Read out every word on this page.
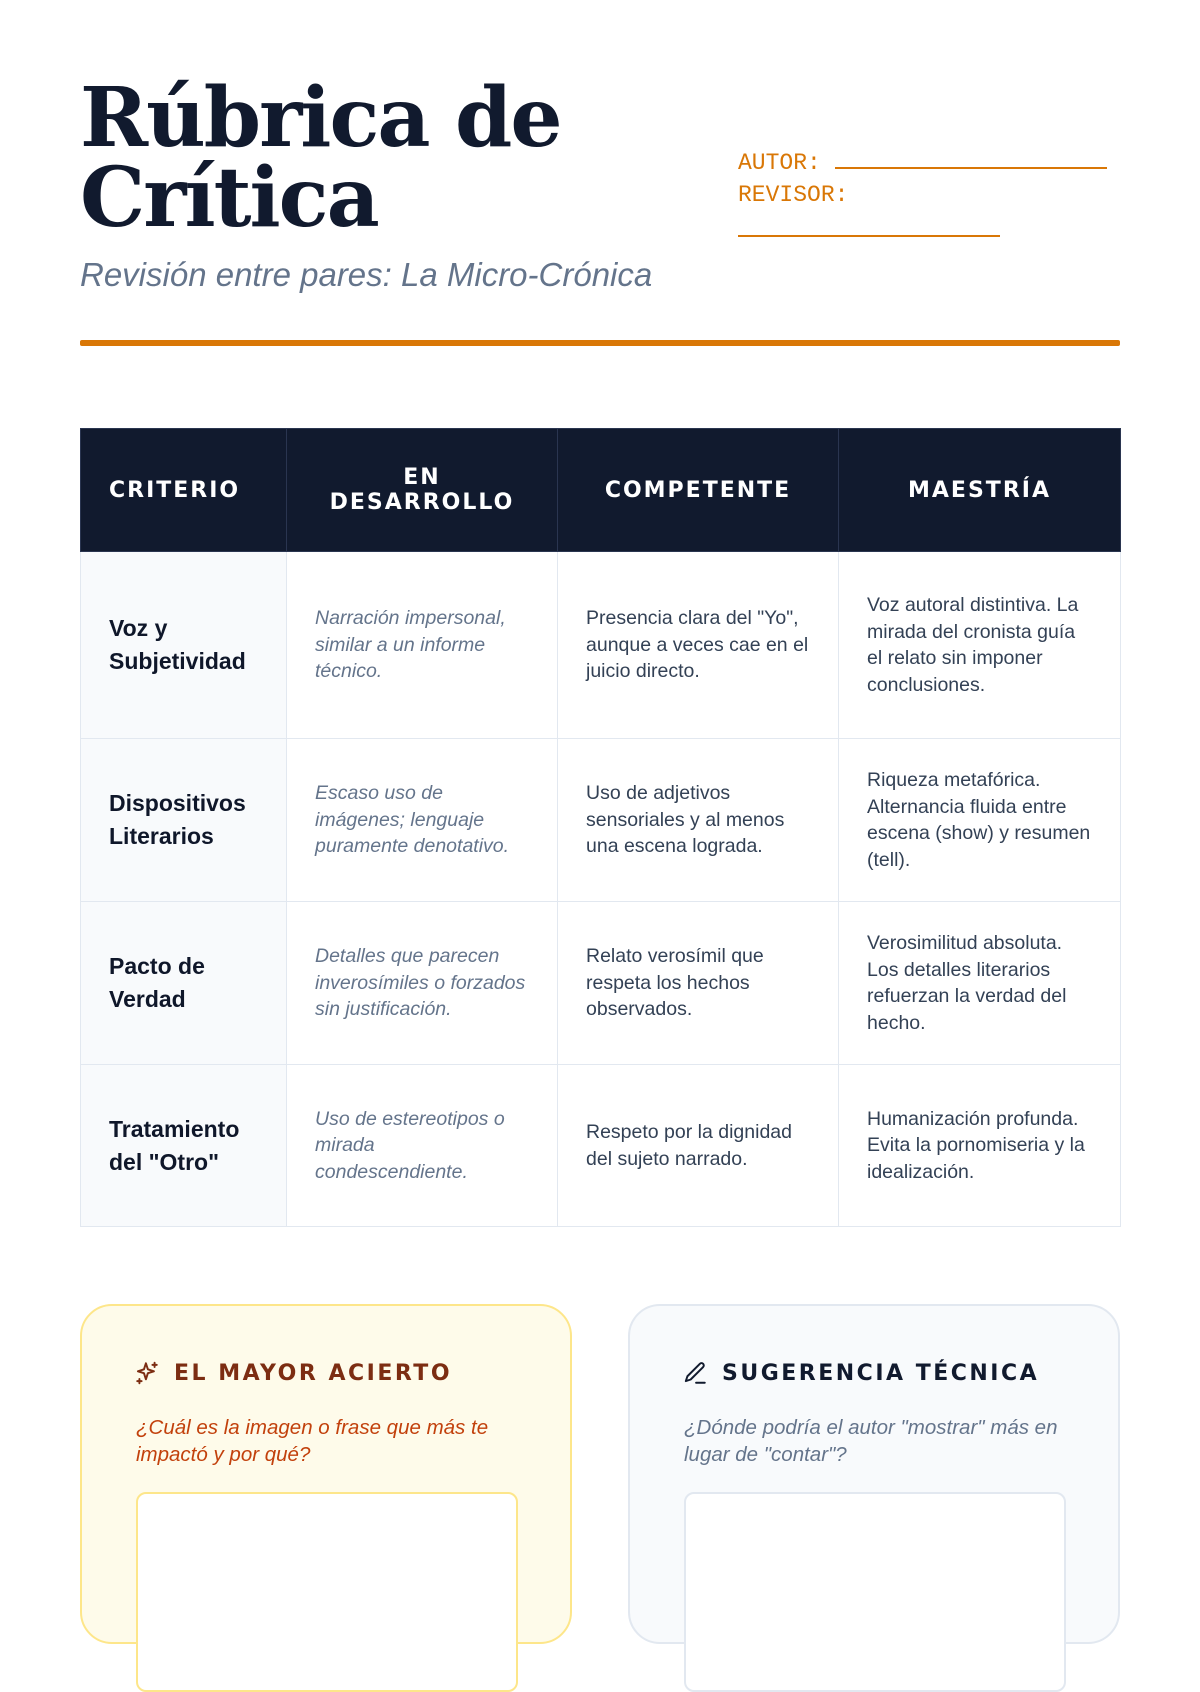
Rúbrica de
Crítica
Revisión entre pares: La Micro-Crónica
AUTOR:
REVISOR:
CRITERIO	EN DESARROLLO	COMPETENTE	MAESTRÍA
Voz y Subjetividad	Narración impersonal, similar a un informe técnico.	Presencia clara del "Yo", aunque a veces cae en el juicio directo.	Voz autoral distintiva. La mirada del cronista guía el relato sin imponer conclusiones.
Dispositivos Literarios	Escaso uso de imágenes; lenguaje puramente denotativo.	Uso de adjetivos sensoriales y al menos una escena lograda.	Riqueza metafórica. Alternancia fluida entre escena (show) y resumen (tell).
Pacto de Verdad	Detalles que parecen inverosímiles o forzados sin justificación.	Relato verosímil que respeta los hechos observados.	Verosimilitud absoluta. Los detalles literarios refuerzan la verdad del hecho.
Tratamiento del "Otro"	Uso de estereotipos o mirada condescendiente.	Respeto por la dignidad del sujeto narrado.	Humanización profunda. Evita la pornomiseria y la idealización.
EL MAYOR ACIERTO
¿Cuál es la imagen o frase que más te impactó y por qué?
SUGERENCIA TÉCNICA
¿Dónde podría el autor "mostrar" más en lugar de "contar"?
